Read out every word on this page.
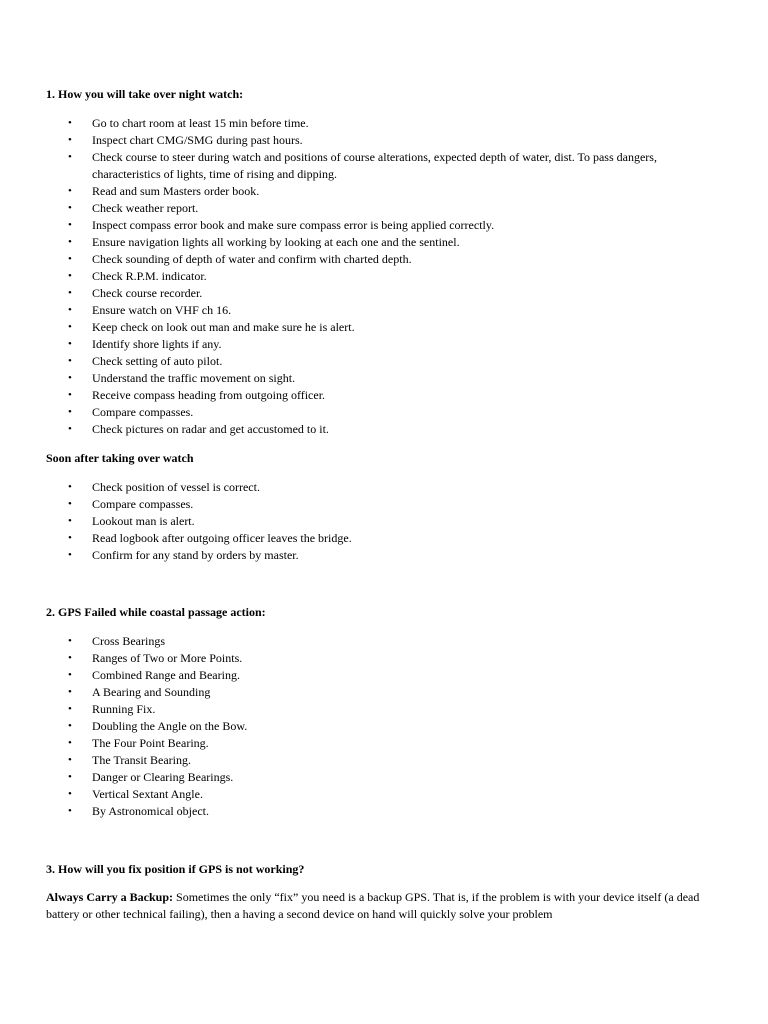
1. How you will take over night watch:
• Go to chart room at least 15 min before time.
• Inspect chart CMG/SMG during past hours.
• Check course to steer during watch and positions of course alterations, expected depth of water, dist. To pass dangers, characteristics of lights, time of rising and dipping.
• Read and sum Masters order book.
• Check weather report.
• Inspect compass error book and make sure compass error is being applied correctly.
• Ensure navigation lights all working by looking at each one and the sentinel.
• Check sounding of depth of water and confirm with charted depth.
• Check R.P.M. indicator.
• Check course recorder.
• Ensure watch on VHF ch 16.
• Keep check on look out man and make sure he is alert.
• Identify shore lights if any.
• Check setting of auto pilot.
• Understand the traffic movement on sight.
• Receive compass heading from outgoing officer.
• Compare compasses.
• Check pictures on radar and get accustomed to it.
Soon after taking over watch
• Check position of vessel is correct.
• Compare compasses.
• Lookout man is alert.
• Read logbook after outgoing officer leaves the bridge.
• Confirm for any stand by orders by master.
2. GPS Failed while coastal passage action:
• Cross Bearings
• Ranges of Two or More Points.
• Combined Range and Bearing.
• A Bearing and Sounding
• Running Fix.
• Doubling the Angle on the Bow.
• The Four Point Bearing.
• The Transit Bearing.
• Danger or Clearing Bearings.
• Vertical Sextant Angle.
• By Astronomical object.
3. How will you fix position if GPS is not working?

Always Carry a Backup: Sometimes the only “fix” you need is a backup GPS. That is, if the problem is with your device itself (a dead battery or other technical failing), then a having a second device on hand will quickly solve your problem
